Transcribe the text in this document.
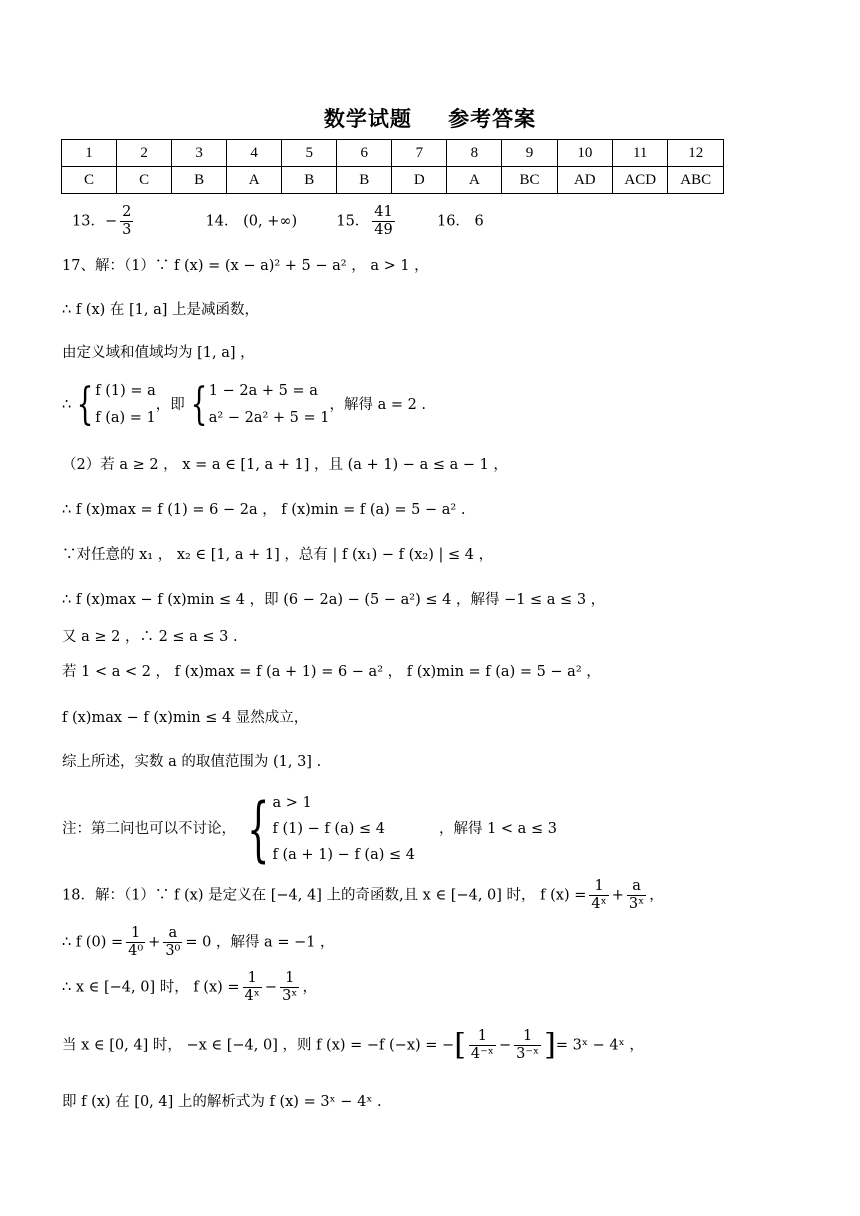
数学试题 参考答案
1	2	3	4	5	6	7	8	9	10	11	12
C	C	B	A	B	B	D	A	BC	AD	ACD	ABC
13．− $\frac{2}{3}$	14． (0, +∞)	15． $\frac{41}{49}$	16． 6
17、解：（1）∵ f (x) = (x − a)² + 5 − a² ， a > 1 ，
∴ f (x) 在 [1, a] 上是减函数，
由定义域和值域均为 [1, a] ，
∴ { f (1) = a
f (a) = 1
，即 { 1 − 2a + 5 = a
a² − 2a² + 5 = 1
，解得 a = 2 .
（2）若 a ≥ 2 ， x = a ∈ [1, a + 1] ，且 (a + 1) − a ≤ a − 1 ，
∴ f (x)max = f (1) = 6 − 2a ， f (x)min = f (a) = 5 − a² .
∵对任意的 x₁ ， x₂ ∈ [1, a + 1] ，总有 | f (x₁) − f (x₂) | ≤ 4 ，
∴ f (x)max − f (x)min ≤ 4 ，即 (6 − 2a) − (5 − a²) ≤ 4 ，解得 −1 ≤ a ≤ 3 ，
又 a ≥ 2 ，∴ 2 ≤ a ≤ 3 .
若 1 < a < 2 ， f (x)max = f (a + 1) = 6 − a² ， f (x)min = f (a) = 5 − a² ，
f (x)max − f (x)min ≤ 4 显然成立，
综上所述，实数 a 的取值范围为 (1, 3] .
注：第二问也可以不讨论， { a > 1
f (1) − f (a) ≤ 4
f (a + 1) − f (a) ≤ 4
，解得 1 < a ≤ 3
18．解：（1）∵ f (x) 是定义在 [−4, 4] 上的奇函数,且 x ∈ [−4, 0] 时， f $(x) = \frac{1}{\text{4ˣ}} + \frac{a}{\text{3ˣ}}$ ，
∴ f $(0) = \frac{1}{\text{4⁰}} + \frac{a}{\text{3⁰}} = 0$ ，解得 a = −1 ，
∴ x ∈ [−4, 0] 时， f $(x) = \frac{1}{\text{4ˣ}} - \frac{1}{\text{3ˣ}}$ ，
当 x ∈ [0, 4] 时， −x ∈ [−4, 0] ，则 f (x) = −f (−x) = −[ $\frac{1}{\text{4⁻ˣ}} - \frac{1}{\text{3⁻ˣ}}$ ]= 3ˣ − 4ˣ ，
即 f (x) 在 [0, 4] 上的解析式为 f (x) = 3ˣ − 4ˣ .
